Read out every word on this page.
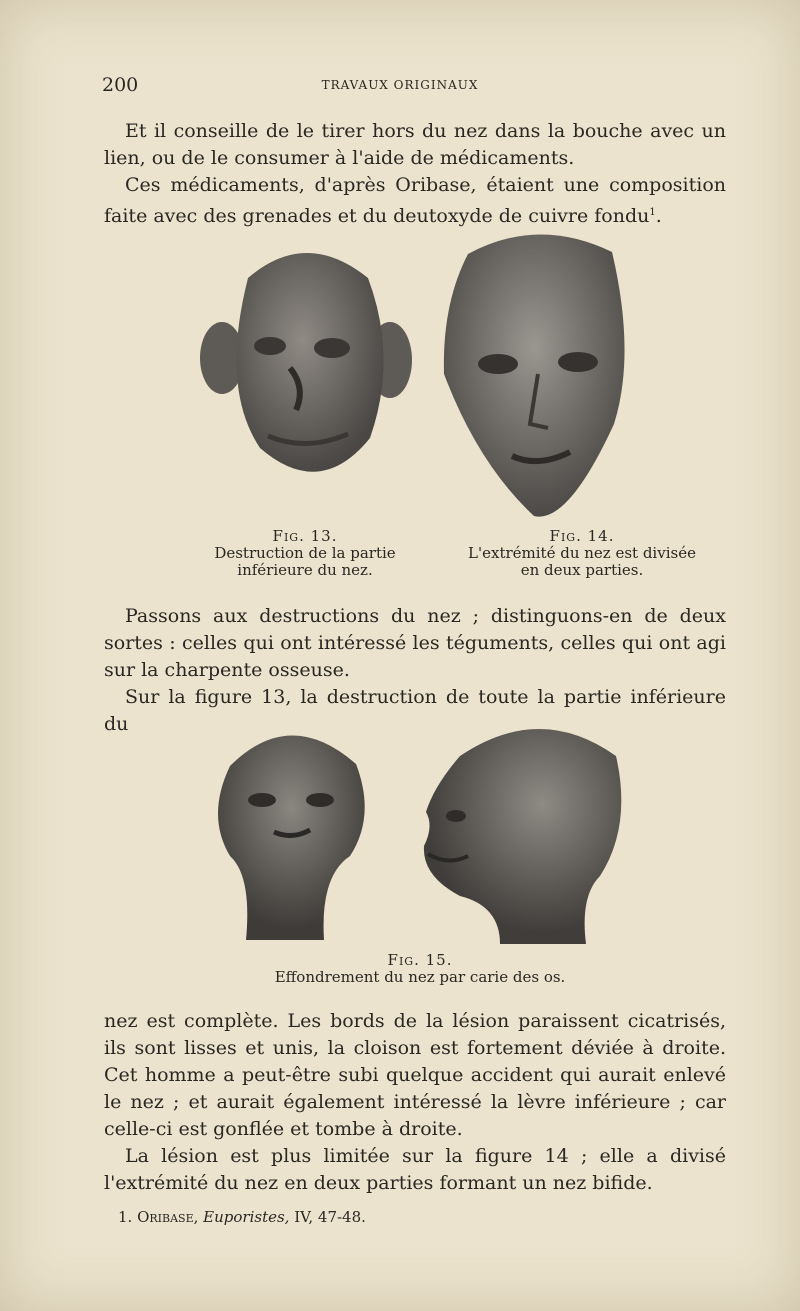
200	TRAVAUX ORIGINAUX

Et il conseille de le tirer hors du nez dans la bouche avec un lien, ou de le consumer à l'aide de médicaments.

Ces médicaments, d'après Oribase, étaient une composition faite avec des grenades et du deutoxyde de cuivre fondu$^1$.

Fig. 13.
Destruction de la partie
inférieure du nez.
Fig. 14.
L'extrémité du nez est divisée
en deux parties.

Passons aux destructions du nez ; distinguons-en de deux sortes : celles qui ont intéressé les téguments, celles qui ont agi sur la charpente osseuse.

Sur la figure 13, la destruction de toute la partie inférieure du

Fig. 15.
Effondrement du nez par carie des os.

nez est complète. Les bords de la lésion paraissent cicatrisés, ils sont lisses et unis, la cloison est fortement déviée à droite. Cet homme a peut-être subi quelque accident qui aurait enlevé le nez ; et aurait également intéressé la lèvre inférieure ; car celle-ci est gonflée et tombe à droite.

La lésion est plus limitée sur la figure 14 ; elle a divisé l'extrémité du nez en deux parties formant un nez bifide.

1. Oribase, Euporistes, IV, 47-48.
